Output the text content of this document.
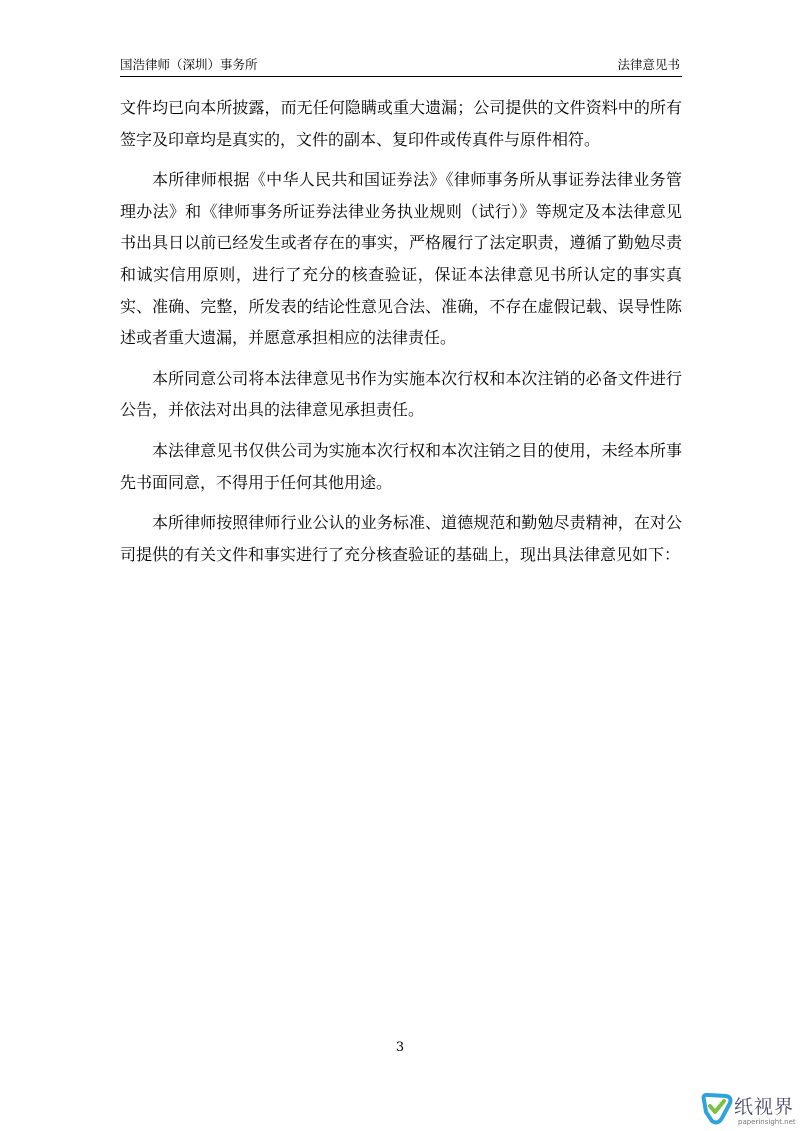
国浩律师（深圳）事务所	法律意见书

文件均已向本所披露，而无任何隐瞒或重大遗漏；公司提供的文件资料中的所有签字及印章均是真实的，文件的副本、复印件或传真件与原件相符。

本所律师根据《中华人民共和国证券法》《律师事务所从事证券法律业务管理办法》和《律师事务所证券法律业务执业规则（试行）》等规定及本法律意见书出具日以前已经发生或者存在的事实，严格履行了法定职责，遵循了勤勉尽责和诚实信用原则，进行了充分的核查验证，保证本法律意见书所认定的事实真实、准确、完整，所发表的结论性意见合法、准确，不存在虚假记载、误导性陈述或者重大遗漏，并愿意承担相应的法律责任。

本所同意公司将本法律意见书作为实施本次行权和本次注销的必备文件进行公告，并依法对出具的法律意见承担责任。

本法律意见书仅供公司为实施本次行权和本次注销之目的使用，未经本所事先书面同意，不得用于任何其他用途。

本所律师按照律师行业公认的业务标准、道德规范和勤勉尽责精神，在对公司提供的有关文件和事实进行了充分核查验证的基础上，现出具法律意见如下：

3
纸视界
paperinsight.net
